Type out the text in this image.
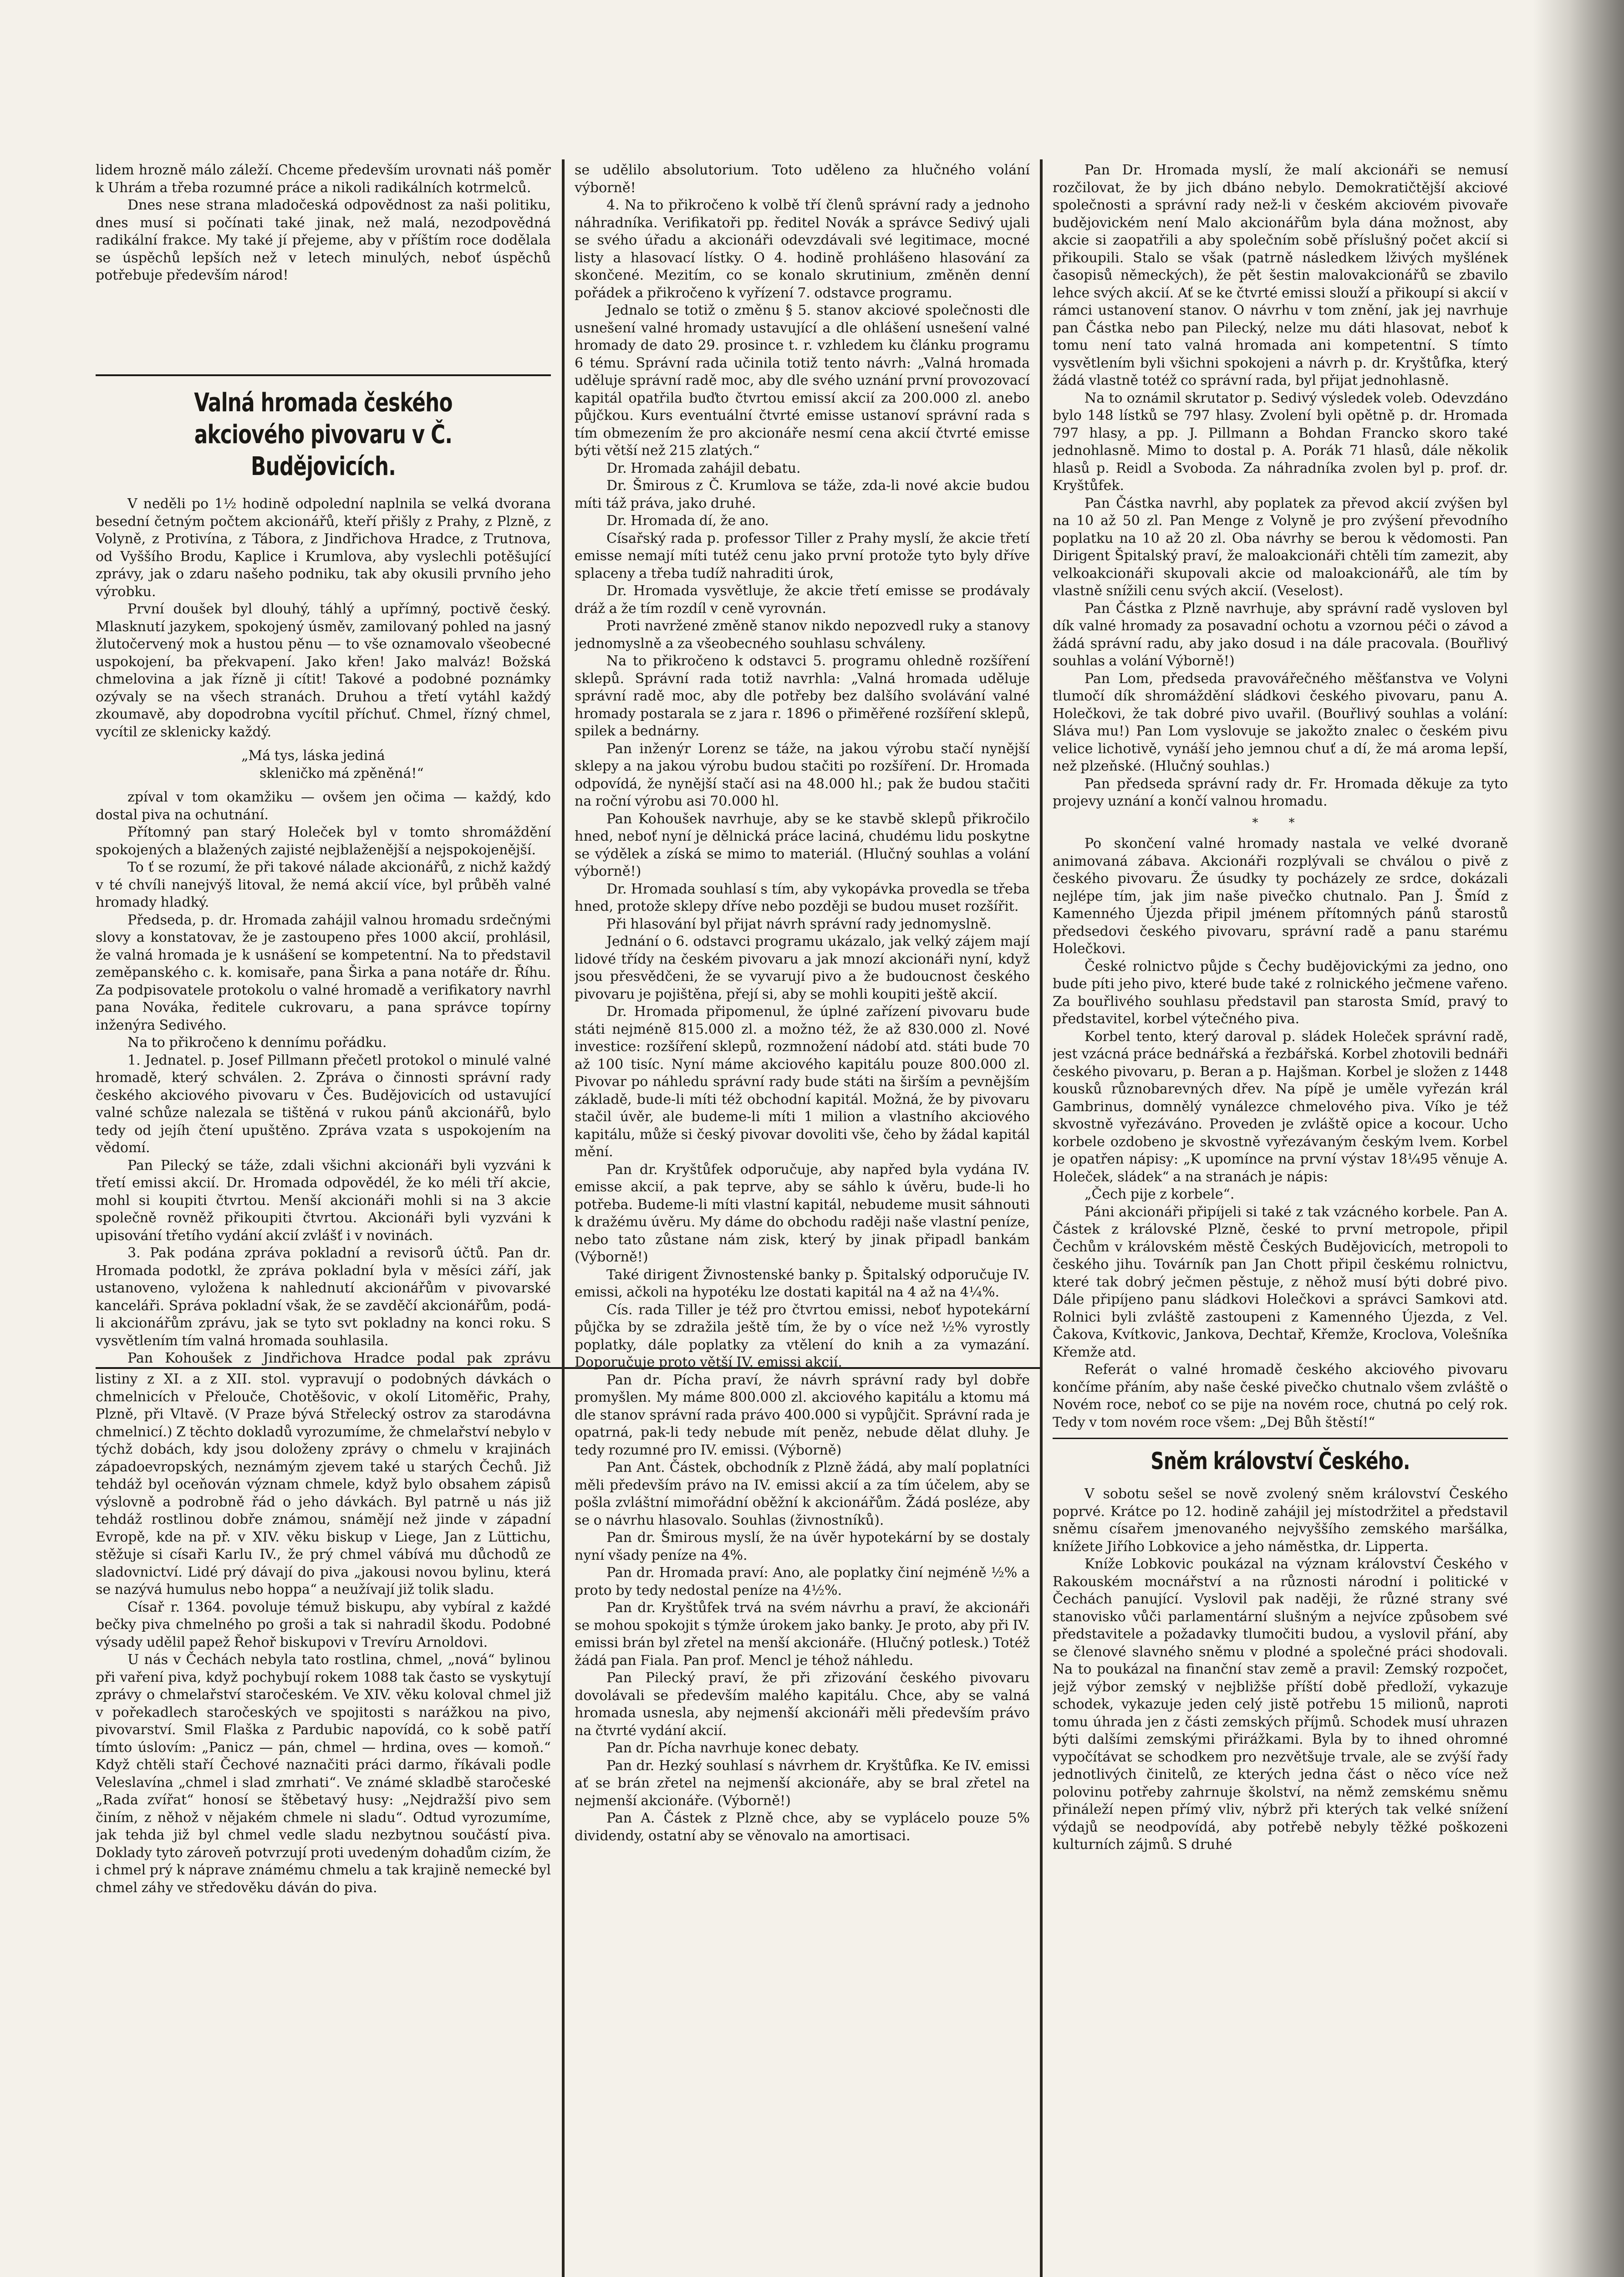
lidem hrozně málo záleží. Chceme především urovnati náš poměr k Uhrám a třeba rozumné práce a nikoli radikálních kotrmelců.

Dnes nese strana mladočeská odpovědnost za naši politiku, dnes musí si počínati také jinak, než malá, nezodpovědná radikální frakce. My také jí přejeme, aby v příštím roce dodělala se úspěchů lepších než v letech minulých, neboť úspěchů potřebuje především národ!

Valná hromada českého akciového pivovaru v Č. Budějovicích.

V neděli po 1½ hodině odpolední naplnila se velká dvorana besední četným počtem akcionářů, kteří přišly z Prahy, z Plzně, z Volyně, z Protivína, z Tábora, z Jindřichova Hradce, z Trutnova, od Vyššího Brodu, Kaplice i Krumlova, aby vyslechli potěšující zprávy, jak o zdaru našeho podniku, tak aby okusili prvního jeho výrobku.

První doušek byl dlouhý, táhlý a upřímný, poctivě český. Mlasknutí jazykem, spokojený úsměv, zamilovaný pohled na jasný žlutočervený mok a hustou pěnu — to vše oznamovalo všeobecné uspokojení, ba překvapení. Jako křen! Jako malváz! Božská chmelovina a jak řízně ji cítit! Takové a podobné poznámky ozývaly se na všech stranách. Druhou a třetí vytáhl každý zkoumavě, aby dopodrobna vycítil příchuť. Chmel, řízný chmel, vycítil ze sklenicky každý.

„Má tys, láska jediná
skleničko má zpěněná!“

zpíval v tom okamžiku — ovšem jen očima — každý, kdo dostal piva na ochutnání.

Přítomný pan starý Holeček byl v tomto shromáždění spokojených a blažených zajisté nejblaženější a nejspokojenější.

To ť se rozumí, že při takové nálade akcionářů, z nichž každý v té chvíli nanejvýš litoval, že nemá akcií více, byl průběh valné hromady hladký.

Předseda, p. dr. Hromada zahájil valnou hromadu srdečnými slovy a konstatovav, že je zastoupeno přes 1000 akcií, prohlásil, že valná hromada je k usnášení se kompetentní. Na to představil zeměpanského c. k. komisaře, pana Širka a pana notáře dr. Říhu. Za podpisovatele protokolu o valné hromadě a verifikatory navrhl pana Nováka, ředitele cukrovaru, a pana správce topírny inženýra Sedivého.

Na to přikročeno k dennímu pořádku.

1. Jednatel. p. Josef Pillmann přečetl protokol o minulé valné hromadě, který schválen. 2. Zpráva o činnosti správní rady českého akciového pivovaru v Čes. Budějovicích od ustavující valné schůze nalezala se tištěná v rukou pánů akcionářů, bylo tedy od jejíh čtení upuštěno. Zpráva vzata s uspokojením na vědomí.

Pan Pilecký se táže, zdali všichni akcionáři byli vyzváni k třetí emissi akcií. Dr. Hromada odpovědél, že ko méli tří akcie, mohl si koupiti čtvrtou. Menší akcionáři mohli si na 3 akcie společně rovněž přikoupiti čtvrtou. Akcionáři byli vyzváni k upisování třetího vydání akcií zvlášť i v novinách.

3. Pak podána zpráva pokladní a revisorů účtů. Pan dr. Hromada podotkl, že zpráva pokladní byla v měsíci září, jak ustanoveno, vyložena k nahlednutí akcionářům v pivovarské kanceláři. Správa pokladní však, že se zavděčí akcionářům, podá-li akcionářům zprávu, jak se tyto svt pokladny na konci roku. S vysvětlením tím valná hromada souhlasila.

Pan Kohoušek z Jindřichova Hradce podal pak zprávu

listiny z XI. a z XII. stol. vypravují o podobných dávkách o chmelnicích v Přelouče, Chotěšovic, v okolí Litoměřic, Prahy, Plzně, při Vltavě. (V Praze bývá Střelecký ostrov za starodávna chmelnicí.) Z těchto dokladů vyrozumíme, že chmelařství nebylo v týchž dobách, kdy jsou doloženy zprávy o chmelu v krajinách západoevropských, neznámým zjevem také u starých Čechů. Již tehdáž byl oceňován význam chmele, když bylo obsahem zápisů výslovně a podrobně řád o jeho dávkách. Byl patrně u nás již tehdáž rostlinou dobře známou, snámějí než jinde v západní Evropě, kde na př. v XIV. věku biskup v Liege, Jan z Lüttichu, stěžuje si císaři Karlu IV., že prý chmel vábívá mu důchodů ze sladovnictví. Lidé prý dávají do piva „jakousi novou bylinu, která se nazývá humulus nebo hoppa“ a neužívají již tolik sladu.

Císař r. 1364. povoluje témuž biskupu, aby vybíral z každé bečky piva chmelného po groši a tak si nahradil škodu. Podobné výsady udělil papež Řehoř biskupovi v Trevíru Arnoldovi.

U nás v Čechách nebyla tato rostlina, chmel, „nová“ bylinou při vaření piva, když pochybují rokem 1088 tak často se vyskytují zprávy o chmelařství staročeském. Ve XIV. věku koloval chmel již v pořekadlech staročeských ve spojitosti s narážkou na pivo, pivovarství. Smil Flaška z Pardubic napovídá, co k sobě patří tímto úslovím: „Panicz — pán, chmel — hrdina, oves — komoň.“ Když chtěli staří Čechové naznačiti práci darmo, říkávali podle Veleslavína „chmel i slad zmrhati“. Ve známé skladbě staročeské „Rada zvířat“ honosí se štěbetavý husy: „Nejdražší pivo sem činím, z něhož v nějakém chmele ni sladu“. Odtud vyrozumíme, jak tehda již byl chmel vedle sladu nezbytnou součástí piva. Doklady tyto zároveň potvrzují proti uvedeným dohadům cizím, že i chmel prý k náprave známému chmelu a tak krajině nemecké byl chmel záhy ve středověku dáván do piva.

se udělilo absolutorium. Toto uděleno za hlučného volání výborně!

4. Na to přikročeno k volbě tří členů správní rady a jednoho náhradníka. Verifikatoři pp. ředitel Novák a správce Sedivý ujali se svého úřadu a akcionáři odevzdávali své legitimace, mocné listy a hlasovací lístky. O 4. hodině prohlášeno hlasování za skončené. Mezitím, co se konalo skrutinium, změněn denní pořádek a přikročeno k vyřízení 7. odstavce programu.

Jednalo se totiž o změnu § 5. stanov akciové společnosti dle usnešení valné hromady ustavující a dle ohlášení usnešení valné hromady de dato 29. prosince t. r. vzhledem ku článku programu 6 tému. Správní rada učinila totiž tento návrh: „Valná hromada uděluje správní radě moc, aby dle svého uznání první provozovací kapitál opatřila buďto čtvrtou emissí akcií za 200.000 zl. anebo půjčkou. Kurs eventuální čtvrté emisse ustanoví správní rada s tím obmezením že pro akcionáře nesmí cena akcií čtvrté emisse býti větší než 215 zlatých.“

Dr. Hromada zahájil debatu.

Dr. Šmirous z Č. Krumlova se táže, zda-li nové akcie budou míti táž práva, jako druhé.

Dr. Hromada dí, že ano.

Císařský rada p. professor Tiller z Prahy myslí, že akcie třetí emisse nemají míti tutéž cenu jako první protože tyto byly dříve splaceny a třeba tudíž nahraditi úrok,

Dr. Hromada vysvětluje, že akcie třetí emisse se prodávaly dráž a že tím rozdíl v ceně vyrovnán.

Proti navržené změně stanov nikdo nepozvedl ruky a stanovy jednomyslně a za všeobecného souhlasu schváleny.

Na to přikročeno k odstavci 5. programu ohledně rozšíření sklepů. Správní rada totiž navrhla: „Valná hromada uděluje správní radě moc, aby dle potřeby bez dalšího svolávání valné hromady postarala se z jara r. 1896 o přiměřené rozšíření sklepů, spilek a bednárny.

Pan inženýr Lorenz se táže, na jakou výrobu stačí nynější sklepy a na jakou výrobu budou stačiti po rozšíření. Dr. Hromada odpovídá, že nynější stačí asi na 48.000 hl.; pak že budou stačiti na roční výrobu asi 70.000 hl.

Pan Kohoušek navrhuje, aby se ke stavbě sklepů přikročilo hned, neboť nyní je dělnická práce laciná, chudému lidu poskytne se výdělek a získá se mimo to materiál. (Hlučný souhlas a volání výborně!)

Dr. Hromada souhlasí s tím, aby vykopávka provedla se třeba hned, protože sklepy dříve nebo později se budou muset rozšířit.

Při hlasování byl přijat návrh správní rady jednomyslně.

Jednání o 6. odstavci programu ukázalo, jak velký zájem mají lidové třídy na českém pivovaru a jak mnozí akcionáři nyní, když jsou přesvědčeni, že se vyvarují pivo a že budoucnost českého pivovaru je pojištěna, přejí si, aby se mohli koupiti ještě akcií.

Dr. Hromada připomenul, že úplné zařízení pivovaru bude státi nejméně 815.000 zl. a možno též, že až 830.000 zl. Nové investice: rozšíření sklepů, rozmnožení nádobí atd. státi bude 70 až 100 tisíc. Nyní máme akciového kapitálu pouze 800.000 zl. Pivovar po náhledu správní rady bude státi na širším a pevnějším základě, bude-li míti též obchodní kapitál. Možná, že by pivovaru stačil úvěr, ale budeme-li míti 1 milion a vlastního akciového kapitálu, může si český pivovar dovoliti vše, čeho by žádal kapitál mění.

Pan dr. Kryštůfek odporučuje, aby napřed byla vydána IV. emisse akcií, a pak teprve, aby se sáhlo k úvěru, bude-li ho potřeba. Budeme-li míti vlastní kapitál, nebudeme musit sáhnouti k dražému úvěru. My dáme do obchodu raději naše vlastní peníze, nebo tato zůstane nám zisk, který by jinak připadl bankám (Výborně!)

Také dirigent Živnostenské banky p. Špitalský odporučuje IV. emissi, ačkoli na hypotéku lze dostati kapitál na 4 až na 4¼%.

Cís. rada Tiller je též pro čtvrtou emissi, neboť hypotekární půjčka by se zdražila ještě tím, že by o více než ½% vyrostly poplatky, dále poplatky za vtělení do knih a za vymazání. Doporučuje proto větší IV. emissi akcií.

Pan dr. Pícha praví, že návrh správní rady byl dobře promyšlen. My máme 800.000 zl. akciového kapitálu a ktomu má dle stanov správní rada právo 400.000 si vypůjčit. Správní rada je opatrná, pak-li tedy nebude mít peněz, nebude dělat dluhy. Je tedy rozumné pro IV. emissi. (Výborně)

Pan Ant. Částek, obchodník z Plzně žádá, aby malí poplatníci měli především právo na IV. emissi akcií a za tím účelem, aby se pošla zvláštní mimořádní oběžní k akcionářům. Žádá posléze, aby se o návrhu hlasovalo. Souhlas (živnostníků).

Pan dr. Šmirous myslí, že na úvěr hypotekární by se dostaly nyní všady peníze na 4%.

Pan dr. Hromada praví: Ano, ale poplatky činí nejméně ½% a proto by tedy nedostal peníze na 4½%.

Pan dr. Kryštůfek trvá na svém návrhu a praví, že akcionáři se mohou spokojit s týmže úrokem jako banky. Je proto, aby při IV. emissi brán byl zřetel na menší akcionáře. (Hlučný potlesk.) Totéž žádá pan Fiala. Pan prof. Mencl je téhož náhledu.

Pan Pilecký praví, že při zřizování českého pivovaru dovolávali se především malého kapitálu. Chce, aby se valná hromada usnesla, aby nejmenší akcionáři měli především právo na čtvrté vydání akcií.

Pan dr. Pícha navrhuje konec debaty.

Pan dr. Hezký souhlasí s návrhem dr. Kryštůfka. Ke IV. emissi ať se brán zřetel na nejmenší akcionáře, aby se bral zřetel na nejmenší akcionáře. (Výborně!)

Pan A. Částek z Plzně chce, aby se vyplácelo pouze 5% dividendy, ostatní aby se věnovalo na amortisaci.

Pan Dr. Hromada myslí, že malí akcionáři se nemusí rozčilovat, že by jich dbáno nebylo. Demokratičtější akciové společnosti a správní rady než-li v českém akciovém pivovaře budějovickém není Malo akcionářům byla dána možnost, aby akcie si zaopatřili a aby společním sobě příslušný počet akcií si přikoupili. Stalo se však (patrně následkem lživých myšlének časopisů německých), že pět šestin malovakcionářů se zbavilo lehce svých akcií. Ať se ke čtvrté emissi slouží a přikoupí si akcií v rámci ustanovení stanov. O návrhu v tom znění, jak jej navrhuje pan Částka nebo pan Pilecký, nelze mu dáti hlasovat, neboť k tomu není tato valná hromada ani kompetentní. S tímto vysvětlením byli všichni spokojeni a návrh p. dr. Kryštůfka, který žádá vlastně totéž co správní rada, byl přijat jednohlasně.

Na to oznámil skrutator p. Sedivý výsledek voleb. Odevzdáno bylo 148 lístků se 797 hlasy. Zvolení byli opětně p. dr. Hromada 797 hlasy, a pp. J. Pillmann a Bohdan Francko skoro také jednohlasně. Mimo to dostal p. A. Porák 71 hlasů, dále několik hlasů p. Reidl a Svoboda. Za náhradníka zvolen byl p. prof. dr. Kryštůfek.

Pan Částka navrhl, aby poplatek za převod akcií zvýšen byl na 10 až 50 zl. Pan Menge z Volyně je pro zvýšení převodního poplatku na 10 až 20 zl. Oba návrhy se berou k vědomosti. Pan Dirigent Špitalský praví, že maloakcionáři chtěli tím zamezit, aby velkoakcionáři skupovali akcie od maloakcionářů, ale tím by vlastně snížili cenu svých akcií. (Veselost).

Pan Částka z Plzně navrhuje, aby správní radě vysloven byl dík valné hromady za posavadní ochotu a vzornou péči o závod a žádá správní radu, aby jako dosud i na dále pracovala. (Bouřlivý souhlas a volání Výborně!)

Pan Lom, předseda pravovářečného měšťanstva ve Volyni tlumočí dík shromáždění sládkovi českého pivovaru, panu A. Holečkovi, že tak dobré pivo uvařil. (Bouřlivý souhlas a volání: Sláva mu!) Pan Lom vyslovuje se jakožto znalec o českém pivu velice lichotivě, vynáší jeho jemnou chuť a dí, že má aroma lepší, než plzeňské. (Hlučný souhlas.)

Pan předseda správní rady dr. Fr. Hromada děkuje za tyto projevy uznání a končí valnou hromadu.

* *

Po skončení valné hromady nastala ve velké dvoraně animovaná zábava. Akcionáři rozplývali se chválou o pivě z českého pivovaru. Že úsudky ty pocházely ze srdce, dokázali nejlépe tím, jak jim naše pivečko chutnalo. Pan J. Šmíd z Kamenného Újezda připil jménem přítomných pánů starostů předsedovi českého pivovaru, správní radě a panu starému Holečkovi.

České rolnictvo půjde s Čechy budějovickými za jedno, ono bude píti jeho pivo, které bude také z rolnického ječmene vařeno. Za bouřlivého souhlasu představil pan starosta Smíd, pravý to představitel, korbel výtečného piva.

Korbel tento, který daroval p. sládek Holeček správní radě, jest vzácná práce bednářská a řezbářská. Korbel zhotovili bednáři českého pivovaru, p. Beran a p. Hajšman. Korbel je složen z 1448 kousků různobarevných dřev. Na pípě je uměle vyřezán král Gambrinus, domnělý vynálezce chmelového piva. Víko je též skvostně vyřezáváno. Proveden je zvláště opice a kocour. Ucho korbele ozdobeno je skvostně vyřezávaným českým lvem. Korbel je opatřen nápisy: „K upomínce na první výstav 18¼95 věnuje A. Holeček, sládek“ a na stranách je nápis:

„Čech pije z korbele“.

Páni akcionáři připíjeli si také z tak vzácného korbele. Pan A. Částek z královské Plzně, české to první metropole, připil Čechům v královském městě Českých Budějovicích, metropoli to českého jihu. Továrník pan Jan Chott připil českému rolnictvu, které tak dobrý ječmen pěstuje, z něhož musí býti dobré pivo. Dále připíjeno panu sládkovi Holečkovi a správci Samkovi atd. Rolnici byli zvláště zastoupeni z Kamenného Újezda, z Vel. Čakova, Kvítkovic, Jankova, Dechtař, Křemže, Kroclova, Volešníka Křemže atd.

Referát o valné hromadě českého akciového pivovaru končíme přáním, aby naše české pivečko chutnalo všem zvláště o Novém roce, neboť co se pije na novém roce, chutná po celý rok. Tedy v tom novém roce všem: „Dej Bůh štěstí!“

Sněm království Českého.

V sobotu sešel se nově zvolený sněm království Českého poprvé. Krátce po 12. hodině zahájil jej místodržitel a představil sněmu císařem jmenovaného nejvyššího zemského maršálka, knížete Jiřího Lobkovice a jeho náměstka, dr. Lipperta.

Kníže Lobkovic poukázal na význam království Českého v Rakouském mocnářství a na různosti národní i politické v Čechách panující. Vyslovil pak naději, že různé strany své stanovisko vůči parlamentární slušným a nejvíce způsobem své představitele a požadavky tlumočiti budou, a vyslovil přání, aby se členové slavného sněmu v plodné a společné práci shodovali. Na to poukázal na finanční stav země a pravil: Zemský rozpočet, jejž výbor zemský v nejbližše příští době předloží, vykazuje schodek, vykazuje jeden celý jistě potřebu 15 milionů, naproti tomu úhrada jen z části zemských příjmů. Schodek musí uhrazen býti dalšími zemskými přirážkami. Byla by to ihned ohromné vypočítávat se schodkem pro nezvětšuje trvale, ale se zvýší řady jednotlivých činitelů, ze kterých jedna část o něco více než polovinu potřeby zahrnuje školství, na němž zemskému sněmu přináleží nepen přímý vliv, nýbrž při kterých tak velké snížení výdajů se neodpovídá, aby potřebě nebyly těžké poškozeni kulturních zájmů. S druhé
